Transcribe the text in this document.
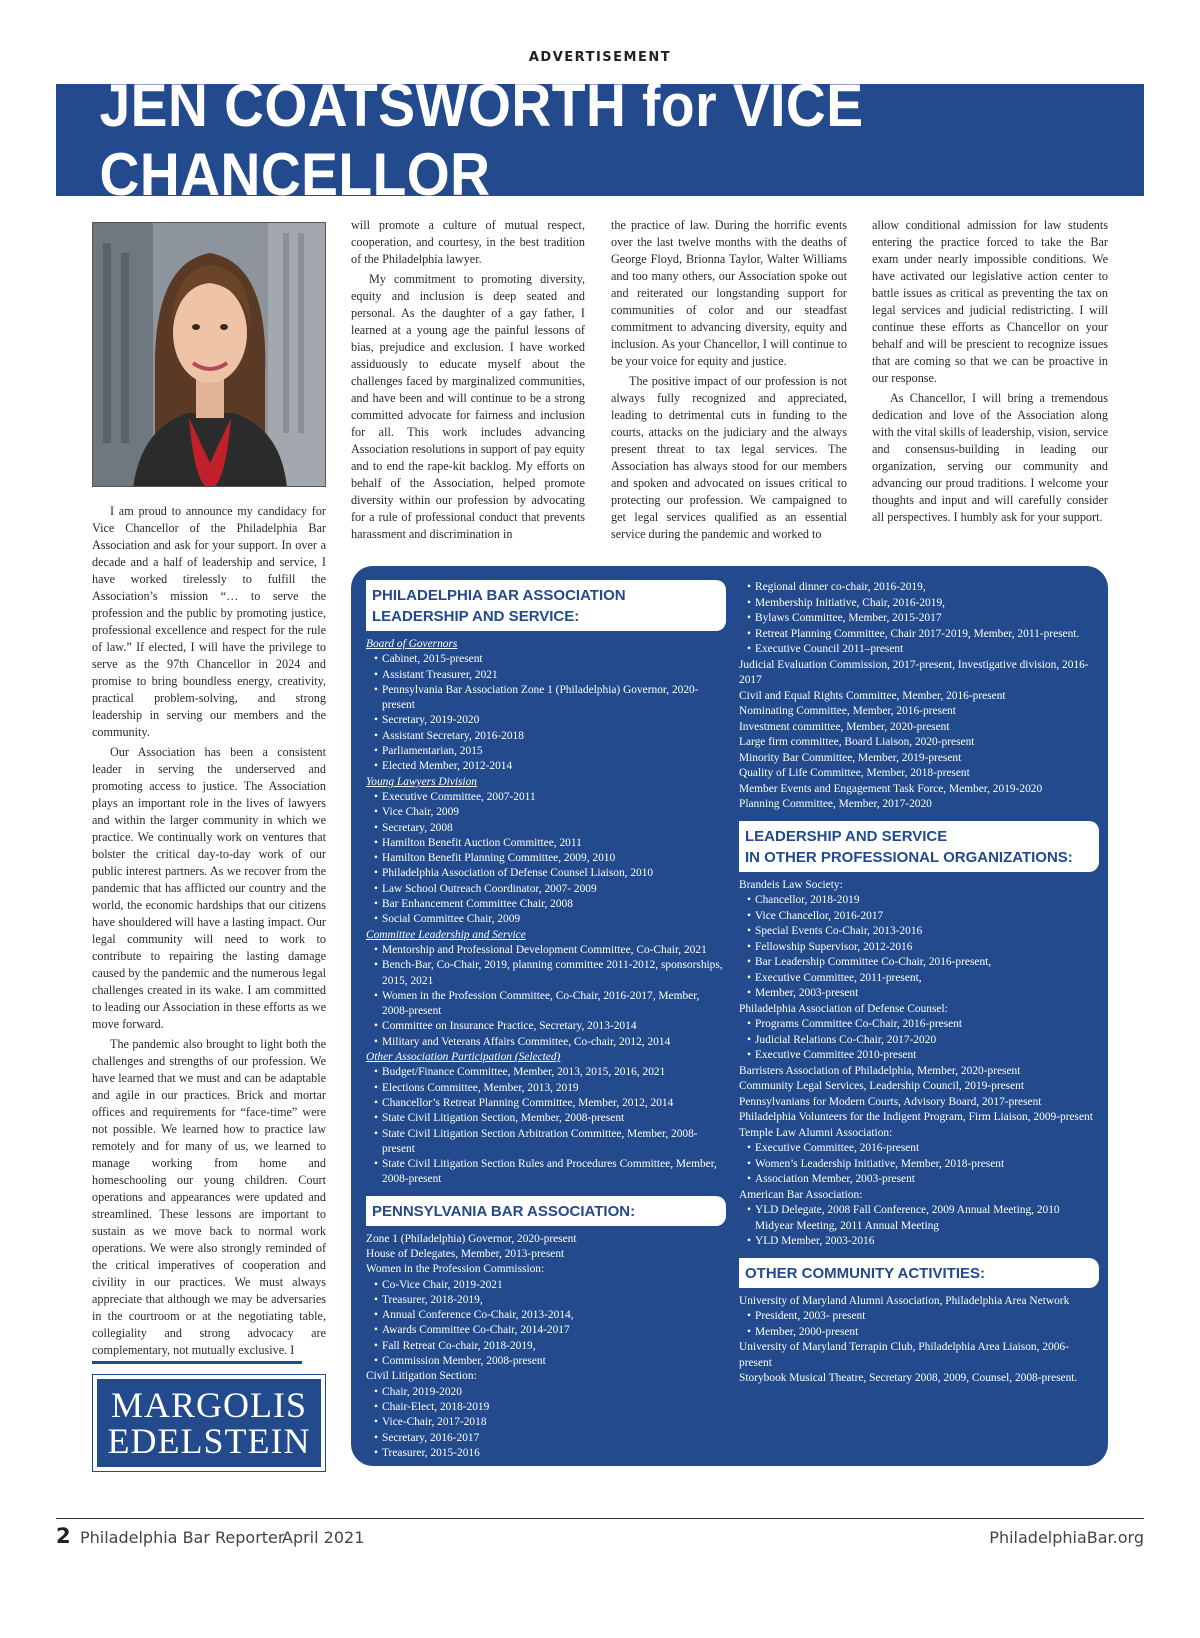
ADVERTISEMENT
JEN COATSWORTH for VICE CHANCELLOR

I am proud to announce my candidacy for Vice Chancellor of the Philadelphia Bar Association and ask for your support. In over a decade and a half of leadership and service, I have worked tirelessly to fulfill the Association’s mission “… to serve the profession and the public by promoting justice, professional excellence and respect for the rule of law.” If elected, I will have the privilege to serve as the 97th Chancellor in 2024 and promise to bring boundless energy, creativity, practical problem-solving, and strong leadership in serving our members and the community.

Our Association has been a consistent leader in serving the underserved and promoting access to justice. The Association plays an important role in the lives of lawyers and within the larger community in which we practice. We continually work on ventures that bolster the critical day-to-day work of our public interest partners. As we recover from the pandemic that has afflicted our country and the world, the economic hardships that our citizens have shouldered will have a lasting impact. Our legal community will need to work to contribute to repairing the lasting damage caused by the pandemic and the numerous legal challenges created in its wake. I am committed to leading our Association in these efforts as we move forward.

The pandemic also brought to light both the challenges and strengths of our profession. We have learned that we must and can be adaptable and agile in our practices. Brick and mortar offices and requirements for “face-time” were not possible. We learned how to practice law remotely and for many of us, we learned to manage working from home and homeschooling our young children. Court operations and appearances were updated and streamlined. These lessons are important to sustain as we move back to normal work operations. We were also strongly reminded of the critical imperatives of cooperation and civility in our practices. We must always appreciate that although we may be adversaries in the courtroom or at the negotiating table, collegiality and strong advocacy are complementary, not mutually exclusive. I

will promote a culture of mutual respect, cooperation, and courtesy, in the best tradition of the Philadelphia lawyer.

My commitment to promoting diversity, equity and inclusion is deep seated and personal. As the daughter of a gay father, I learned at a young age the painful lessons of bias, prejudice and exclusion. I have worked assiduously to educate myself about the challenges faced by marginalized communities, and have been and will continue to be a strong committed advocate for fairness and inclusion for all. This work includes advancing Association resolutions in support of pay equity and to end the rape-kit backlog. My efforts on behalf of the Association, helped promote diversity within our profession by advocating for a rule of professional conduct that prevents harassment and discrimination in

the practice of law. During the horrific events over the last twelve months with the deaths of George Floyd, Brionna Taylor, Walter Williams and too many others, our Association spoke out and reiterated our longstanding support for communities of color and our steadfast commitment to advancing diversity, equity and inclusion. As your Chancellor, I will continue to be your voice for equity and justice.

The positive impact of our profession is not always fully recognized and appreciated, leading to detrimental cuts in funding to the courts, attacks on the judiciary and the always present threat to tax legal services. The Association has always stood for our members and spoken and advocated on issues critical to protecting our profession. We campaigned to get legal services qualified as an essential service during the pandemic and worked to

allow conditional admission for law students entering the practice forced to take the Bar exam under nearly impossible conditions. We have activated our legislative action center to battle issues as critical as preventing the tax on legal services and judicial redistricting. I will continue these efforts as Chancellor on your behalf and will be prescient to recognize issues that are coming so that we can be proactive in our response.

As Chancellor, I will bring a tremendous dedication and love of the Association along with the vital skills of leadership, vision, service and consensus-building in leading our organization, serving our community and advancing our proud traditions. I welcome your thoughts and input and will carefully consider all perspectives. I humbly ask for your support.

MARGOLIS
EDELSTEIN
PHILADELPHIA BAR ASSOCIATION
LEADERSHIP AND SERVICE:
Board of Governors
• Cabinet, 2015-present
• Assistant Treasurer, 2021
• Pennsylvania Bar Association Zone 1 (Philadelphia) Governor, 2020-present
• Secretary, 2019-2020
• Assistant Secretary, 2016-2018
• Parliamentarian, 2015
• Elected Member, 2012-2014
Young Lawyers Division
• Executive Committee, 2007-2011
• Vice Chair, 2009
• Secretary, 2008
• Hamilton Benefit Auction Committee, 2011
• Hamilton Benefit Planning Committee, 2009, 2010
• Philadelphia Association of Defense Counsel Liaison, 2010
• Law School Outreach Coordinator, 2007- 2009
• Bar Enhancement Committee Chair, 2008
• Social Committee Chair, 2009
Committee Leadership and Service
• Mentorship and Professional Development Committee, Co-Chair, 2021
• Bench-Bar, Co-Chair, 2019, planning committee 2011-2012, sponsorships, 2015, 2021
• Women in the Profession Committee, Co-Chair, 2016-2017, Member, 2008-present
• Committee on Insurance Practice, Secretary, 2013-2014
• Military and Veterans Affairs Committee, Co-chair, 2012, 2014
Other Association Participation (Selected)
• Budget/Finance Committee, Member, 2013, 2015, 2016, 2021
• Elections Committee, Member, 2013, 2019
• Chancellor’s Retreat Planning Committee, Member, 2012, 2014
• State Civil Litigation Section, Member, 2008-present
• State Civil Litigation Section Arbitration Committee, Member, 2008-present
• State Civil Litigation Section Rules and Procedures Committee, Member, 2008-present
PENNSYLVANIA BAR ASSOCIATION:
Zone 1 (Philadelphia) Governor, 2020-present
House of Delegates, Member, 2013-present
Women in the Profession Commission:
• Co-Vice Chair, 2019-2021
• Treasurer, 2018-2019,
• Annual Conference Co-Chair, 2013-2014,
• Awards Committee Co-Chair, 2014-2017
• Fall Retreat Co-chair, 2018-2019,
• Commission Member, 2008-present
Civil Litigation Section:
• Chair, 2019-2020
• Chair-Elect, 2018-2019
• Vice-Chair, 2017-2018
• Secretary, 2016-2017
• Treasurer, 2015-2016
• Regional dinner co-chair, 2016-2019,
• Membership Initiative, Chair, 2016-2019,
• Bylaws Committee, Member, 2015-2017
• Retreat Planning Committee, Chair 2017-2019, Member, 2011-present.
• Executive Council 2011–present
Judicial Evaluation Commission, 2017-present, Investigative division, 2016-2017
Civil and Equal Rights Committee, Member, 2016-present
Nominating Committee, Member, 2016-present
Investment committee, Member, 2020-present
Large firm committee, Board Liaison, 2020-present
Minority Bar Committee, Member, 2019-present
Quality of Life Committee, Member, 2018-present
Member Events and Engagement Task Force, Member, 2019-2020
Planning Committee, Member, 2017-2020
LEADERSHIP AND SERVICE
IN OTHER PROFESSIONAL ORGANIZATIONS:
Brandeis Law Society:
• Chancellor, 2018-2019
• Vice Chancellor, 2016-2017
• Special Events Co-Chair, 2013-2016
• Fellowship Supervisor, 2012-2016
• Bar Leadership Committee Co-Chair, 2016-present,
• Executive Committee, 2011-present,
• Member, 2003-present
Philadelphia Association of Defense Counsel:
• Programs Committee Co-Chair, 2016-present
• Judicial Relations Co-Chair, 2017-2020
• Executive Committee 2010-present
Barristers Association of Philadelphia, Member, 2020-present
Community Legal Services, Leadership Council, 2019-present
Pennsylvanians for Modern Courts, Advisory Board, 2017-present
Philadelphia Volunteers for the Indigent Program, Firm Liaison, 2009-present
Temple Law Alumni Association:
• Executive Committee, 2016-present
• Women’s Leadership Initiative, Member, 2018-present
• Association Member, 2003-present
American Bar Association:
• YLD Delegate, 2008 Fall Conference, 2009 Annual Meeting, 2010 Midyear Meeting, 2011 Annual Meeting
• YLD Member, 2003-2016
OTHER COMMUNITY ACTIVITIES:
University of Maryland Alumni Association, Philadelphia Area Network
• President, 2003- present
• Member, 2000-present
University of Maryland Terrapin Club, Philadelphia Area Liaison, 2006-present
Storybook Musical Theatre, Secretary 2008, 2009, Counsel, 2008-present.
2 Philadelphia Bar Reporter
April 2021	PhiladelphiaBar.org
